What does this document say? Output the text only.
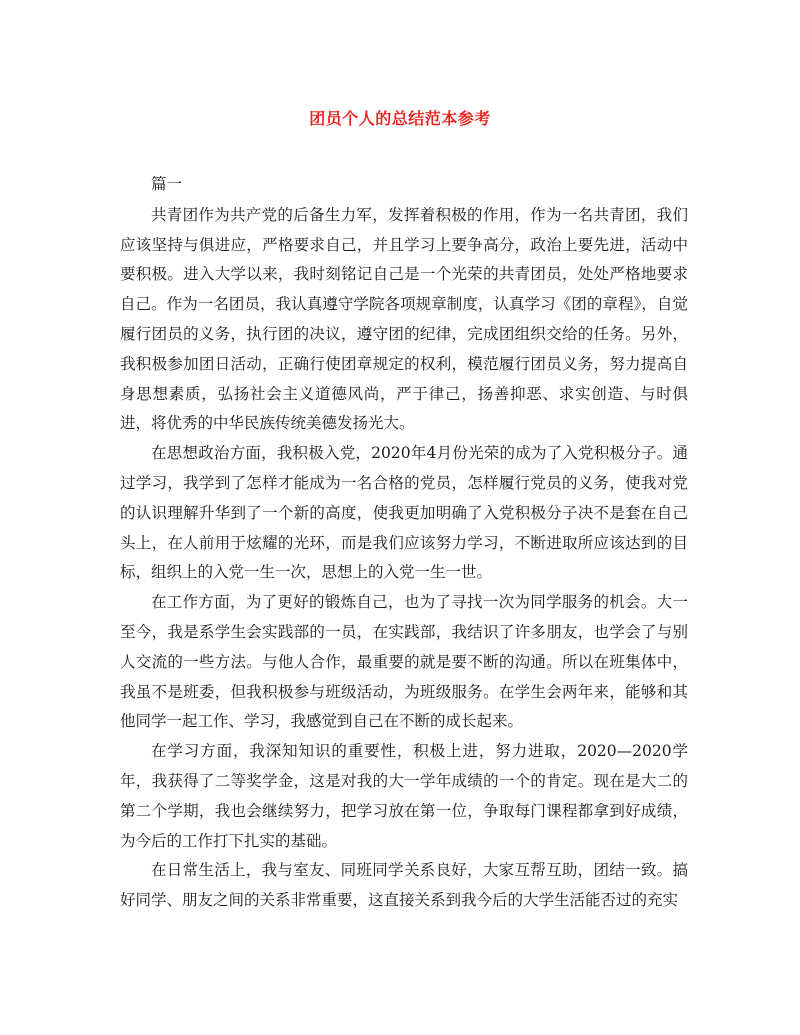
团员个人的总结范本参考

篇一

共青团作为共产党的后备生力军，发挥着积极的作用，作为一名共青团，我们应该坚持与俱进应，严格要求自己，并且学习上要争高分，政治上要先进，活动中要积极。进入大学以来，我时刻铭记自己是一个光荣的共青团员，处处严格地要求自己。作为一名团员，我认真遵守学院各项规章制度，认真学习《团的章程》，自觉履行团员的义务，执行团的决议，遵守团的纪律，完成团组织交给的任务。另外，我积极参加团日活动，正确行使团章规定的权利，模范履行团员义务，努力提高自身思想素质，弘扬社会主义道德风尚，严于律己，扬善抑恶、求实创造、与时俱进，将优秀的中华民族传统美德发扬光大。

在思想政治方面，我积极入党，2020年4月份光荣的成为了入党积极分子。通过学习，我学到了怎样才能成为一名合格的党员，怎样履行党员的义务，使我对党的认识理解升华到了一个新的高度，使我更加明确了入党积极分子决不是套在自己头上，在人前用于炫耀的光环，而是我们应该努力学习，不断进取所应该达到的目标，组织上的入党一生一次，思想上的入党一生一世。

在工作方面，为了更好的锻炼自己，也为了寻找一次为同学服务的机会。大一至今，我是系学生会实践部的一员，在实践部，我结识了许多朋友，也学会了与别人交流的一些方法。与他人合作，最重要的就是要不断的沟通。所以在班集体中，我虽不是班委，但我积极参与班级活动，为班级服务。在学生会两年来，能够和其他同学一起工作、学习，我感觉到自己在不断的成长起来。

在学习方面，我深知知识的重要性，积极上进，努力进取，2020—2020学年，我获得了二等奖学金，这是对我的大一学年成绩的一个的肯定。现在是大二的第二个学期，我也会继续努力，把学习放在第一位，争取每门课程都拿到好成绩，为今后的工作打下扎实的基础。

在日常生活上，我与室友、同班同学关系良好，大家互帮互助，团结一致。搞好同学、朋友之间的关系非常重要，这直接关系到我今后的大学生活能否过的充实
